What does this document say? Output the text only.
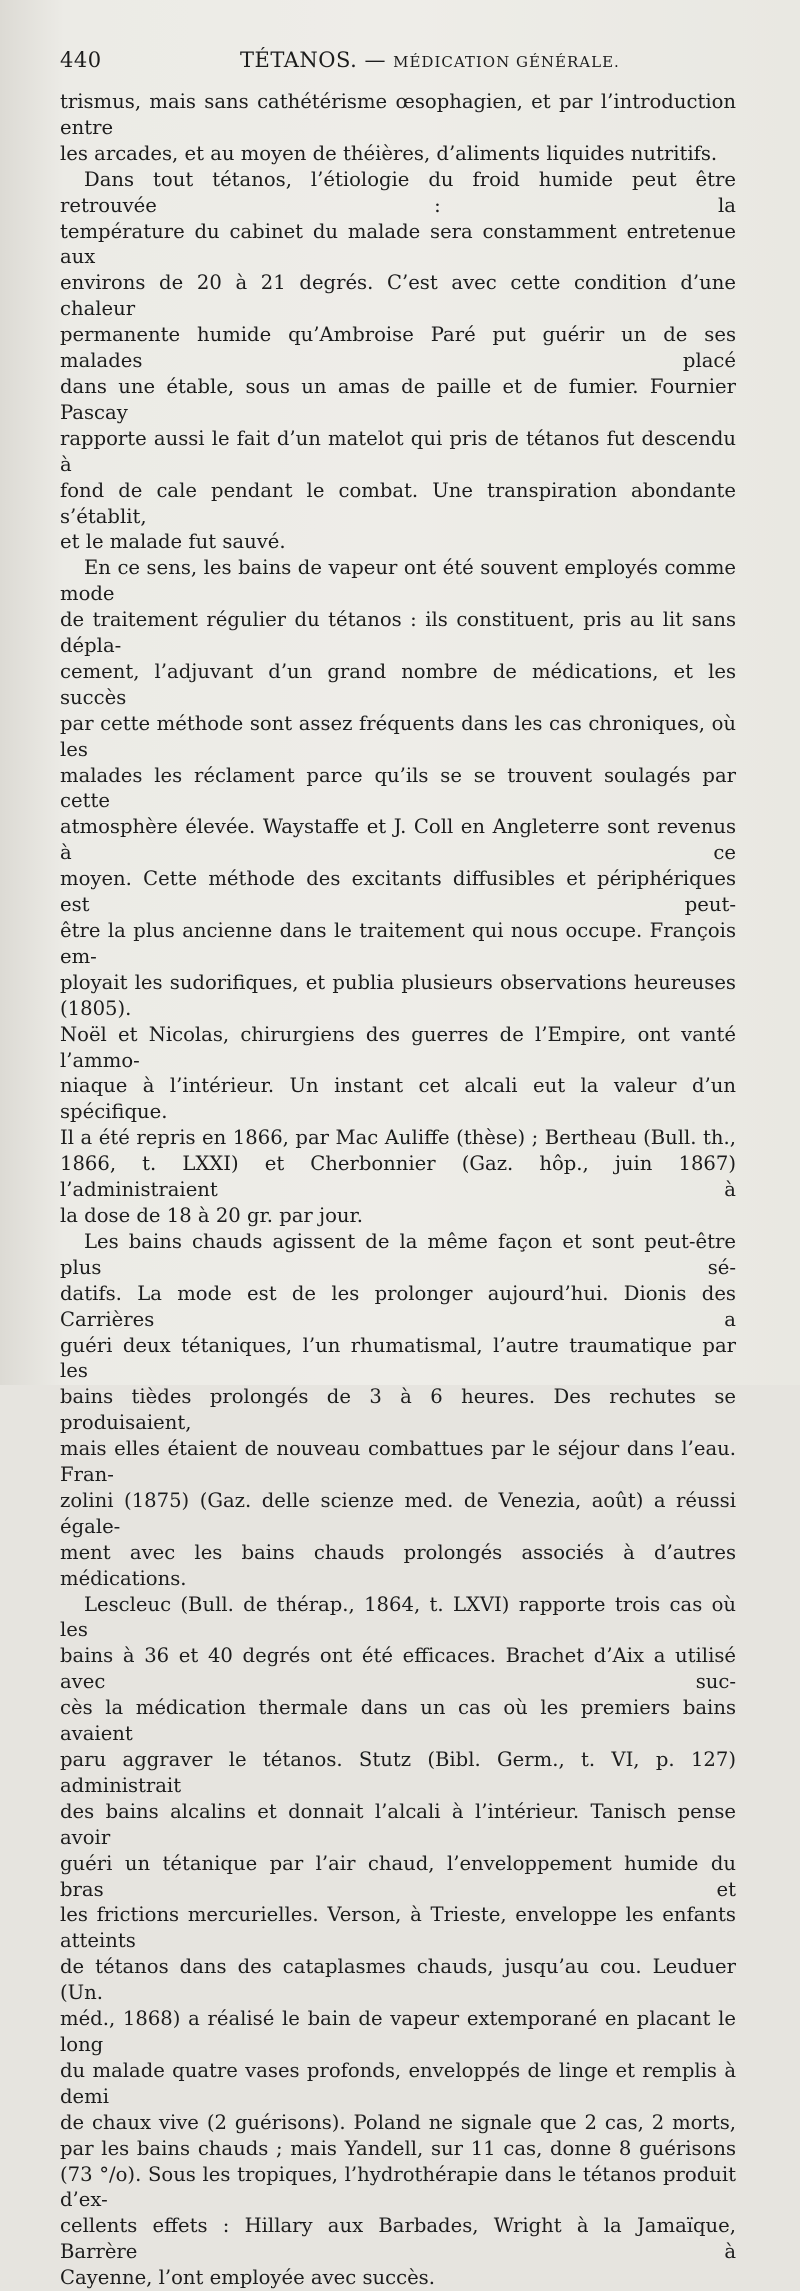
440	TÉTANOS. — MÉDICATION GÉNÉRALE.

trismus, mais sans cathétérisme œsophagien, et par l’introduction entre

les arcades, et au moyen de théières, d’aliments liquides nutritifs.

Dans tout tétanos, l’étiologie du froid humide peut être retrouvée : la

température du cabinet du malade sera constamment entretenue aux

environs de 20 à 21 degrés. C’est avec cette condition d’une chaleur

permanente humide qu’Ambroise Paré put guérir un de ses malades placé

dans une étable, sous un amas de paille et de fumier. Fournier Pascay

rapporte aussi le fait d’un matelot qui pris de tétanos fut descendu à

fond de cale pendant le combat. Une transpiration abondante s’établit,

et le malade fut sauvé.

En ce sens, les bains de vapeur ont été souvent employés comme mode

de traitement régulier du tétanos : ils constituent, pris au lit sans dépla-

cement, l’adjuvant d’un grand nombre de médications, et les succès

par cette méthode sont assez fréquents dans les cas chroniques, où les

malades les réclament parce qu’ils se se trouvent soulagés par cette

atmosphère élevée. Waystaffe et J. Coll en Angleterre sont revenus à ce

moyen. Cette méthode des excitants diffusibles et périphériques est peut-

être la plus ancienne dans le traitement qui nous occupe. François em-

ployait les sudorifiques, et publia plusieurs observations heureuses (1805).

Noël et Nicolas, chirurgiens des guerres de l’Empire, ont vanté l’ammo-

niaque à l’intérieur. Un instant cet alcali eut la valeur d’un spécifique.

Il a été repris en 1866, par Mac Auliffe (thèse) ; Bertheau (Bull. th.,

1866, t. LXXI) et Cherbonnier (Gaz. hôp., juin 1867) l’administraient à

la dose de 18 à 20 gr. par jour.

Les bains chauds agissent de la même façon et sont peut-être plus sé-

datifs. La mode est de les prolonger aujourd’hui. Dionis des Carrières a

guéri deux tétaniques, l’un rhumatismal, l’autre traumatique par les

bains tièdes prolongés de 3 à 6 heures. Des rechutes se produisaient,

mais elles étaient de nouveau combattues par le séjour dans l’eau. Fran-

zolini (1875) (Gaz. delle scienze med. de Venezia, août) a réussi égale-

ment avec les bains chauds prolongés associés à d’autres médications.

Lescleuc (Bull. de thérap., 1864, t. LXVI) rapporte trois cas où les

bains à 36 et 40 degrés ont été efficaces. Brachet d’Aix a utilisé avec suc-

cès la médication thermale dans un cas où les premiers bains avaient

paru aggraver le tétanos. Stutz (Bibl. Germ., t. VI, p. 127) administrait

des bains alcalins et donnait l’alcali à l’intérieur. Tanisch pense avoir

guéri un tétanique par l’air chaud, l’enveloppement humide du bras et

les frictions mercurielles. Verson, à Trieste, enveloppe les enfants atteints

de tétanos dans des cataplasmes chauds, jusqu’au cou. Leuduer (Un.

méd., 1868) a réalisé le bain de vapeur extemporané en placant le long

du malade quatre vases profonds, enveloppés de linge et remplis à demi

de chaux vive (2 guérisons). Poland ne signale que 2 cas, 2 morts,

par les bains chauds ; mais Yandell, sur 11 cas, donne 8 guérisons

(73 °/o). Sous les tropiques, l’hydrothérapie dans le tétanos produit d’ex-

cellents effets : Hillary aux Barbades, Wright à la Jamaïque, Barrère à

Cayenne, l’ont employée avec succès.
